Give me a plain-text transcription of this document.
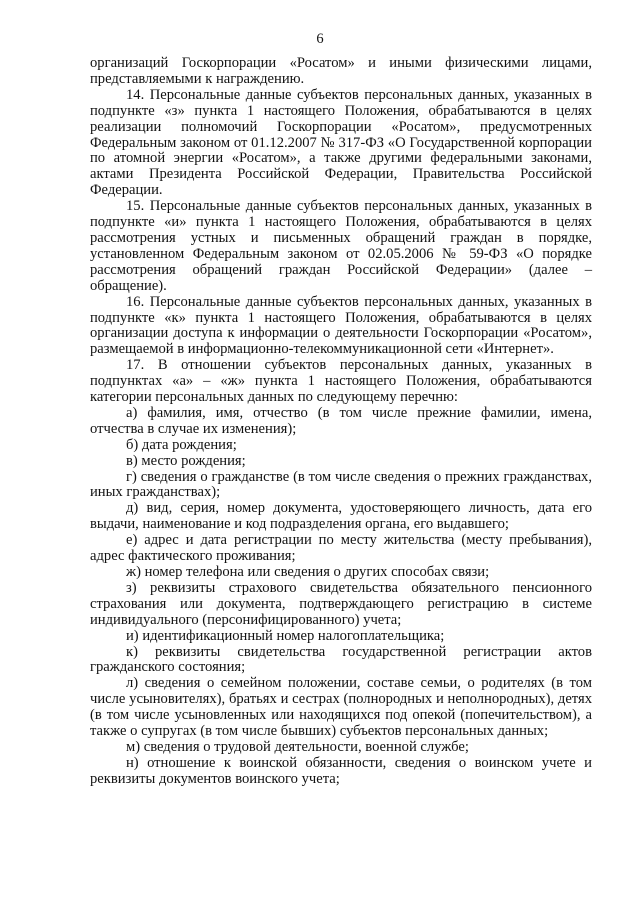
6

организаций Госкорпорации «Росатом» и иными физическими лицами, представляемыми к награждению.

14. Персональные данные субъектов персональных данных, указанных в подпункте «з» пункта 1 настоящего Положения, обрабатываются в целях реализации полномочий Госкорпорации «Росатом», предусмотренных Федеральным законом от 01.12.2007 № 317-ФЗ «О Государственной корпорации по атомной энергии «Росатом», а также другими федеральными законами, актами Президента Российской Федерации, Правительства Российской Федерации.

15. Персональные данные субъектов персональных данных, указанных в подпункте «и» пункта 1 настоящего Положения, обрабатываются в целях рассмотрения устных и письменных обращений граждан в порядке, установленном Федеральным законом от 02.05.2006 № 59-ФЗ «О порядке рассмотрения обращений граждан Российской Федерации» (далее – обращение).

16. Персональные данные субъектов персональных данных, указанных в подпункте «к» пункта 1 настоящего Положения, обрабатываются в целях организации доступа к информации о деятельности Госкорпорации «Росатом», размещаемой в информационно-телекоммуникационной сети «Интернет».

17. В отношении субъектов персональных данных, указанных в подпунктах «а» – «ж» пункта 1 настоящего Положения, обрабатываются категории персональных данных по следующему перечню:

а) фамилия, имя, отчество (в том числе прежние фамилии, имена, отчества в случае их изменения);

б) дата рождения;

в) место рождения;

г) сведения о гражданстве (в том числе сведения о прежних гражданствах, иных гражданствах);

д) вид, серия, номер документа, удостоверяющего личность, дата его выдачи, наименование и код подразделения органа, его выдавшего;

е) адрес и дата регистрации по месту жительства (месту пребывания), адрес фактического проживания;

ж) номер телефона или сведения о других способах связи;

з) реквизиты страхового свидетельства обязательного пенсионного страхования или документа, подтверждающего регистрацию в системе индивидуального (персонифицированного) учета;

и) идентификационный номер налогоплательщика;

к) реквизиты свидетельства государственной регистрации актов гражданского состояния;

л) сведения о семейном положении, составе семьи, о родителях (в том числе усыновителях), братьях и сестрах (полнородных и неполнородных), детях (в том числе усыновленных или находящихся под опекой (попечительством), а также о супругах (в том числе бывших) субъектов персональных данных;

м) сведения о трудовой деятельности, военной службе;

н) отношение к воинской обязанности, сведения о воинском учете и реквизиты документов воинского учета;
